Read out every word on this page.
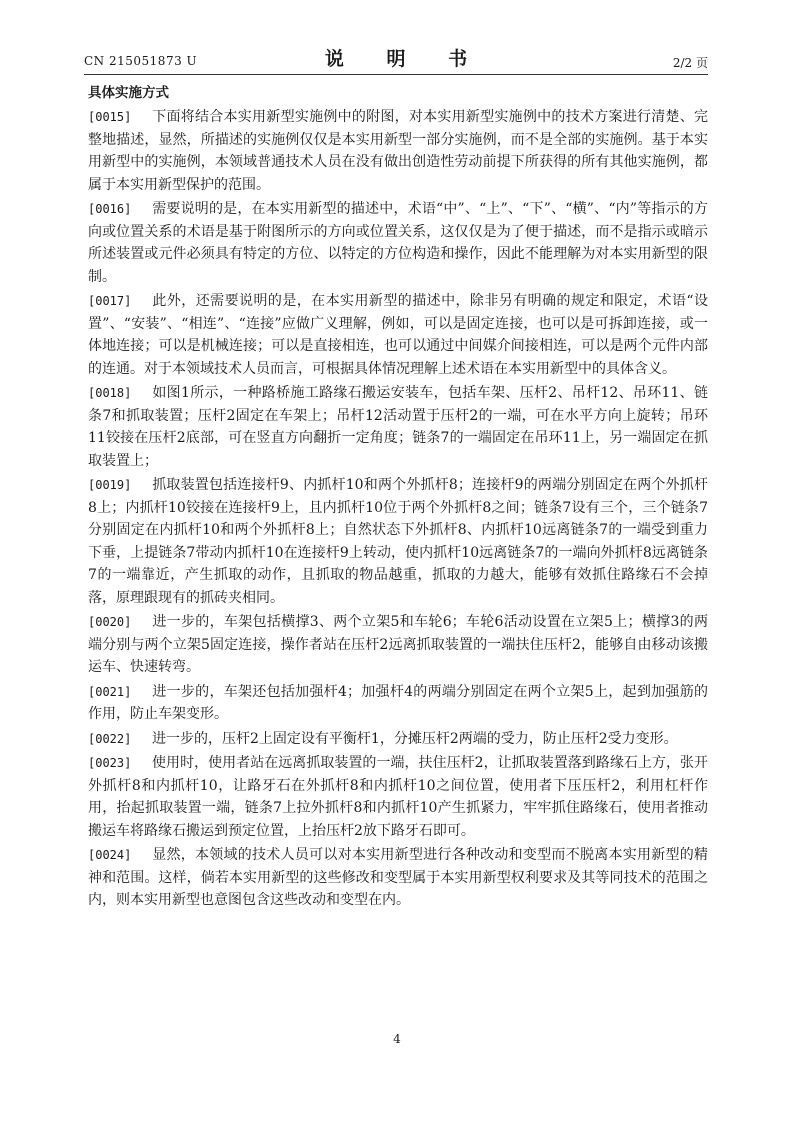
CN 215051873 U	说 明 书	2/2 页
具体实施方式

[0015] 下面将结合本实用新型实施例中的附图，对本实用新型实施例中的技术方案进行清楚、完整地描述，显然，所描述的实施例仅仅是本实用新型一部分实施例，而不是全部的实施例。基于本实用新型中的实施例，本领域普通技术人员在没有做出创造性劳动前提下所获得的所有其他实施例，都属于本实用新型保护的范围。

[0016] 需要说明的是，在本实用新型的描述中，术语“中”、“上”、“下”、“横”、“内”等指示的方向或位置关系的术语是基于附图所示的方向或位置关系，这仅仅是为了便于描述，而不是指示或暗示所述装置或元件必须具有特定的方位、以特定的方位构造和操作，因此不能理解为对本实用新型的限制。

[0017] 此外，还需要说明的是，在本实用新型的描述中，除非另有明确的规定和限定，术语“设置”、“安装”、“相连”、“连接”应做广义理解，例如，可以是固定连接，也可以是可拆卸连接，或一体地连接；可以是机械连接；可以是直接相连，也可以通过中间媒介间接相连，可以是两个元件内部的连通。对于本领域技术人员而言，可根据具体情况理解上述术语在本实用新型中的具体含义。

[0018] 如图1所示，一种路桥施工路缘石搬运安装车，包括车架、压杆2、吊杆12、吊环11、链条7和抓取装置；压杆2固定在车架上；吊杆12活动置于压杆2的一端，可在水平方向上旋转；吊环11铰接在压杆2底部，可在竖直方向翻折一定角度；链条7的一端固定在吊环11上，另一端固定在抓取装置上；

[0019] 抓取装置包括连接杆9、内抓杆10和两个外抓杆8；连接杆9的两端分别固定在两个外抓杆8上；内抓杆10铰接在连接杆9上，且内抓杆10位于两个外抓杆8之间；链条7设有三个，三个链条7分别固定在内抓杆10和两个外抓杆8上；自然状态下外抓杆8、内抓杆10远离链条7的一端受到重力下垂，上提链条7带动内抓杆10在连接杆9上转动，使内抓杆10远离链条7的一端向外抓杆8远离链条7的一端靠近，产生抓取的动作，且抓取的物品越重，抓取的力越大，能够有效抓住路缘石不会掉落，原理跟现有的抓砖夹相同。

[0020] 进一步的，车架包括横撑3、两个立架5和车轮6；车轮6活动设置在立架5上；横撑3的两端分别与两个立架5固定连接，操作者站在压杆2远离抓取装置的一端扶住压杆2，能够自由移动该搬运车、快速转弯。

[0021] 进一步的，车架还包括加强杆4；加强杆4的两端分别固定在两个立架5上，起到加强筋的作用，防止车架变形。

[0022] 进一步的，压杆2上固定设有平衡杆1，分摊压杆2两端的受力，防止压杆2受力变形。

[0023] 使用时，使用者站在远离抓取装置的一端，扶住压杆2，让抓取装置落到路缘石上方，张开外抓杆8和内抓杆10，让路牙石在外抓杆8和内抓杆10之间位置，使用者下压压杆2，利用杠杆作用，抬起抓取装置一端，链条7上拉外抓杆8和内抓杆10产生抓紧力，牢牢抓住路缘石，使用者推动搬运车将路缘石搬运到预定位置，上抬压杆2放下路牙石即可。

[0024] 显然，本领域的技术人员可以对本实用新型进行各种改动和变型而不脱离本实用新型的精神和范围。这样，倘若本实用新型的这些修改和变型属于本实用新型权利要求及其等同技术的范围之内，则本实用新型也意图包含这些改动和变型在内。

4
